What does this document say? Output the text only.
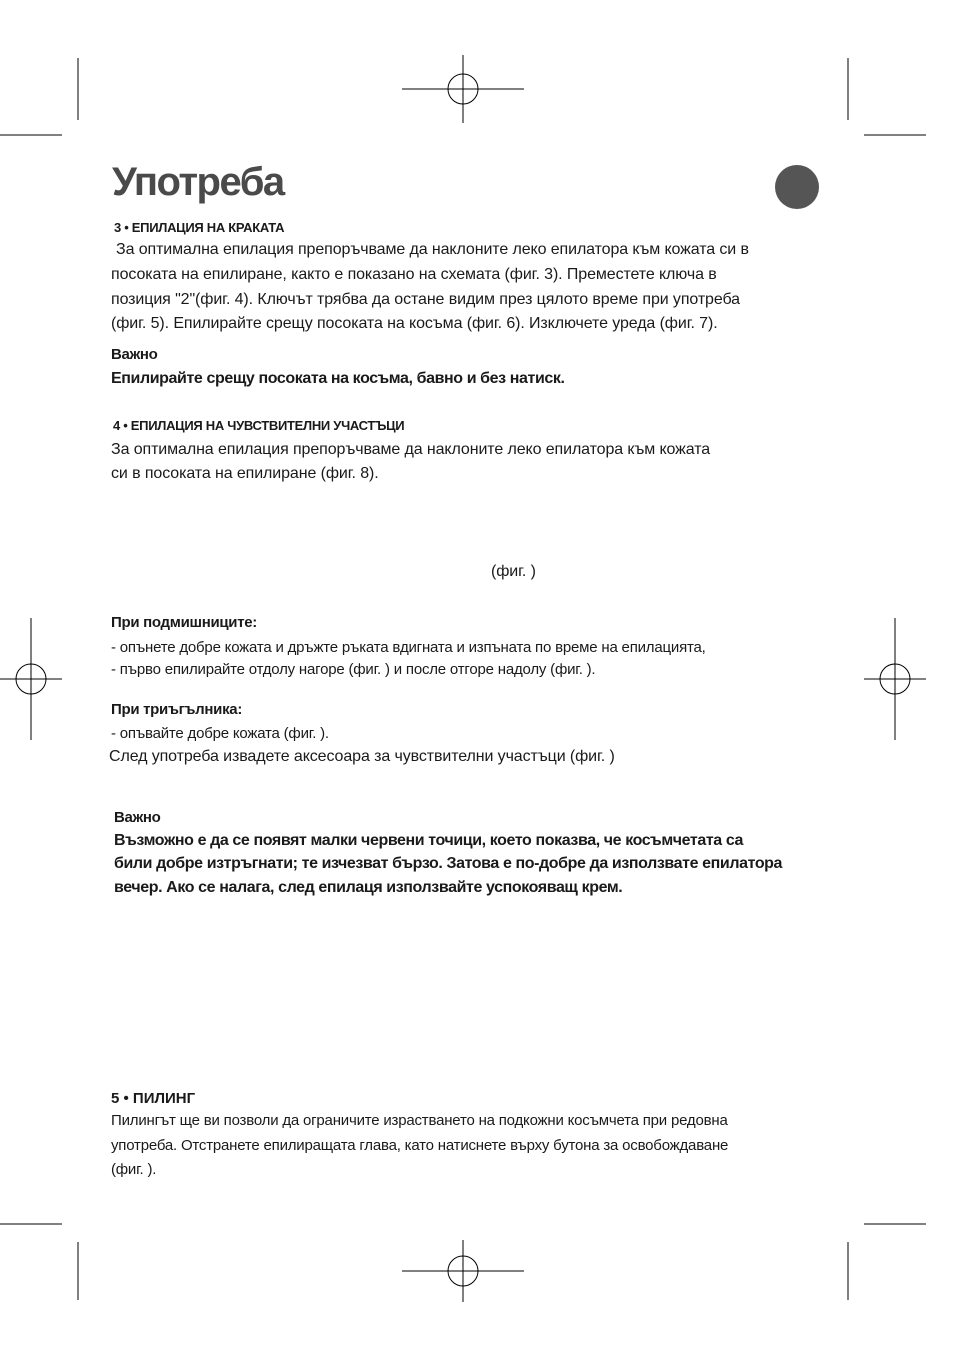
Употреба
3 • ЕПИЛАЦИЯ НА КРАКАТА
За оптимална епилация препоръчваме да наклоните леко епилатора към кожата си в
посоката на епилиране, както е показано на схемата (фиг. 3). Преместете ключа в
позиция "2"(фиг. 4). Ключът трябва да остане видим през цялото време при употреба
(фиг. 5). Епилирайте срещу посоката на косъма (фиг. 6). Изключете уреда (фиг. 7).
Важно
Епилирайте срещу посоката на косъма, бавно и без натиск.
4 • ЕПИЛАЦИЯ НА ЧУВСТВИТЕЛНИ УЧАСТЪЦИ
За оптимална епилация препоръчваме да наклоните леко епилатора към кожата
си в посоката на епилиране (фиг. 8).
(фиг. )
При подмишниците:
- опънете добре кожата и дръжте ръката вдигната и изпъната по време на епилацията,
- първо епилирайте отдолу нагоре (фиг. ) и после отгоре надолу (фиг. ).
При триъгълника:
- опъвайте добре кожата (фиг. ).
След употреба извадете аксесоара за чувствителни участъци (фиг. )
Важно
Възможно е да се появят малки червени точици, което показва, че косъмчетата са
били добре изтръгнати; те изчезват бързо. Затова е по-добре да използвате епилатора
вечер. Ако се налага, след епилаця използвайте успокояващ крем.
5 • ПИЛИНГ
Пилингът ще ви позволи да ограничите израстването на подкожни косъмчета при редовна
употреба. Отстранете епилиращата глава, като натиснете върху бутона за освобождаване
(фиг. ).
